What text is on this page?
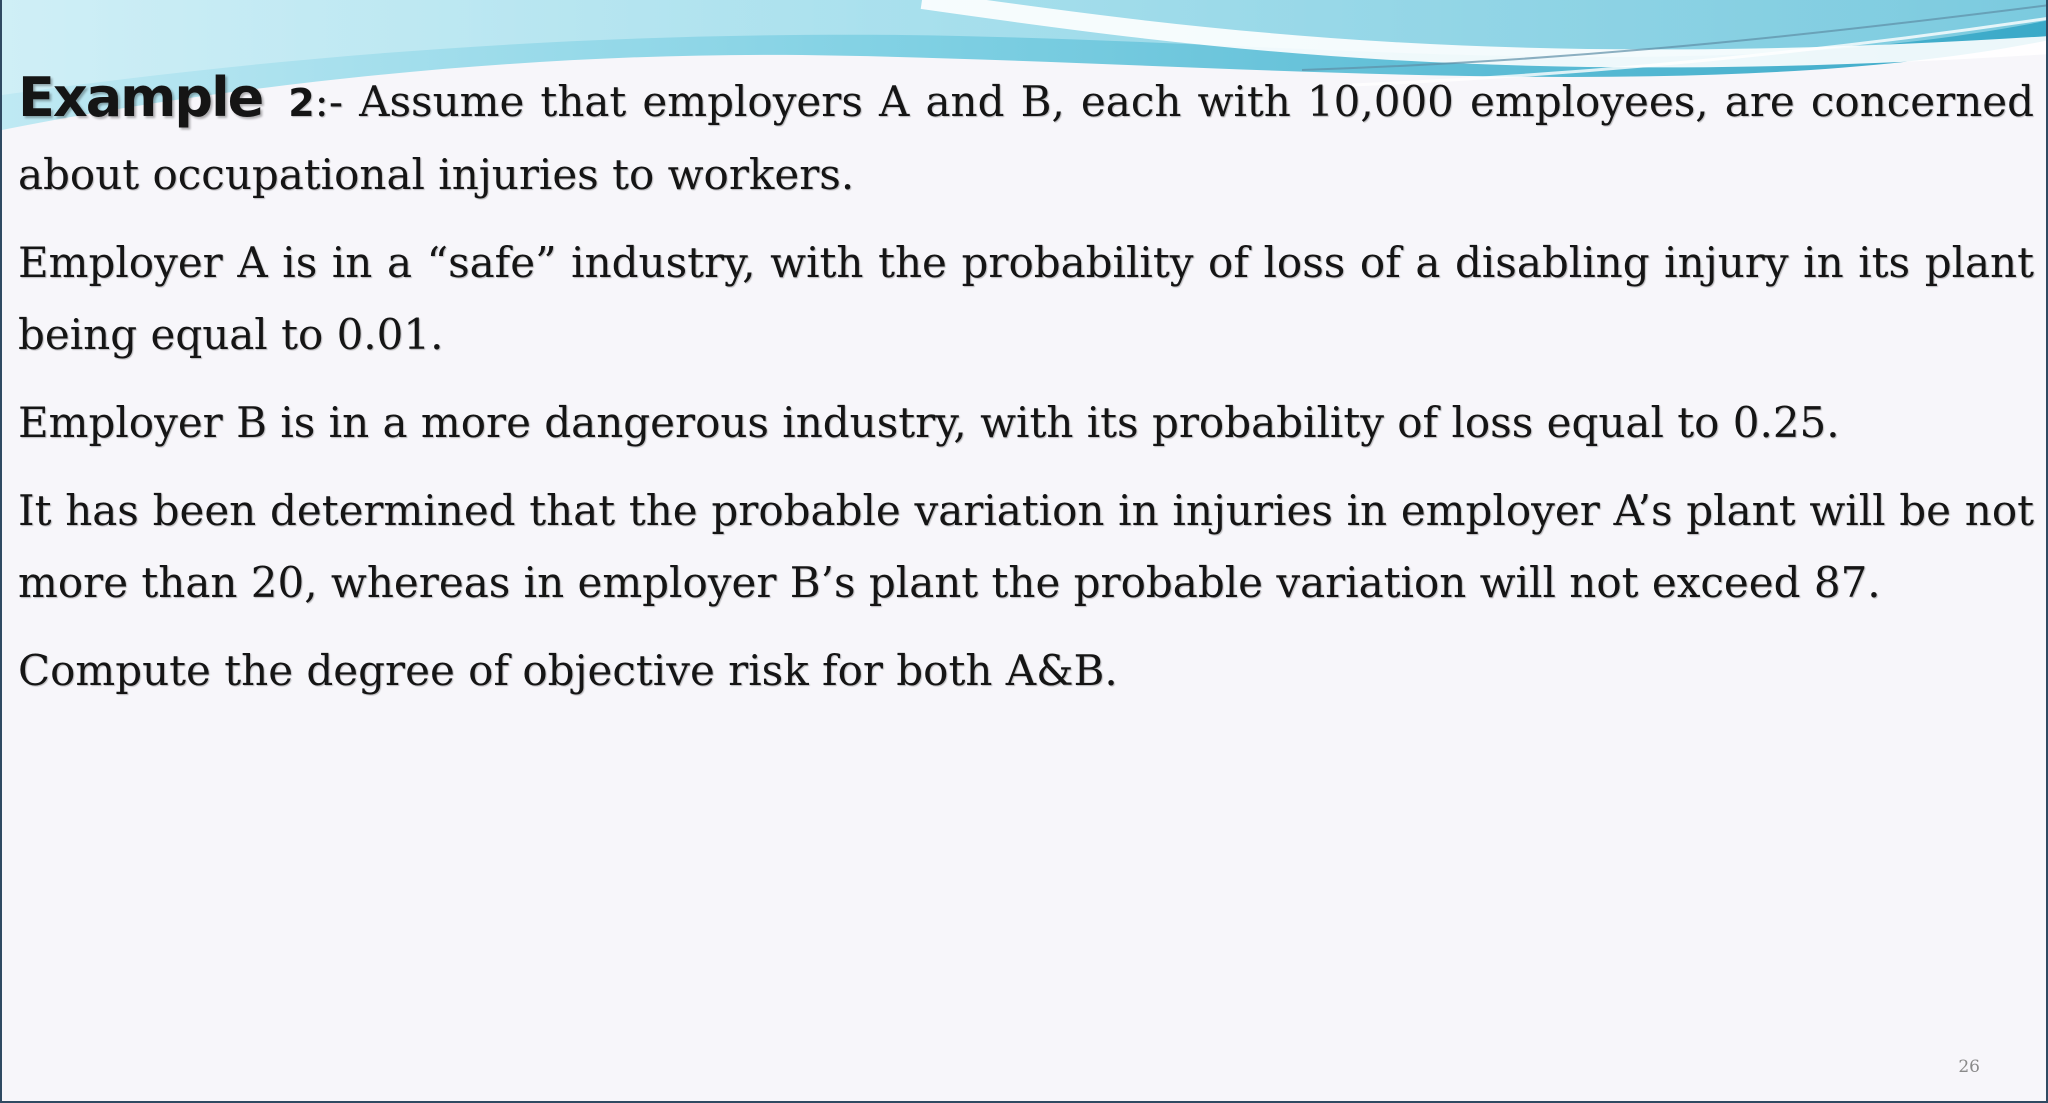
Example 2:- Assume that employers A and B, each with 10,000 employees, are concerned about occupational injuries to workers.

Employer A is in a “safe” industry, with the probability of loss of a disabling injury in its plant being equal to 0.01.

Employer B is in a more dangerous industry, with its probability of loss equal to 0.25.

It has been determined that the probable variation in injuries in employer A’s plant will be not more than 20, whereas in employer B’s plant the probable variation will not exceed 87.

Compute the degree of objective risk for both A&B.

26
